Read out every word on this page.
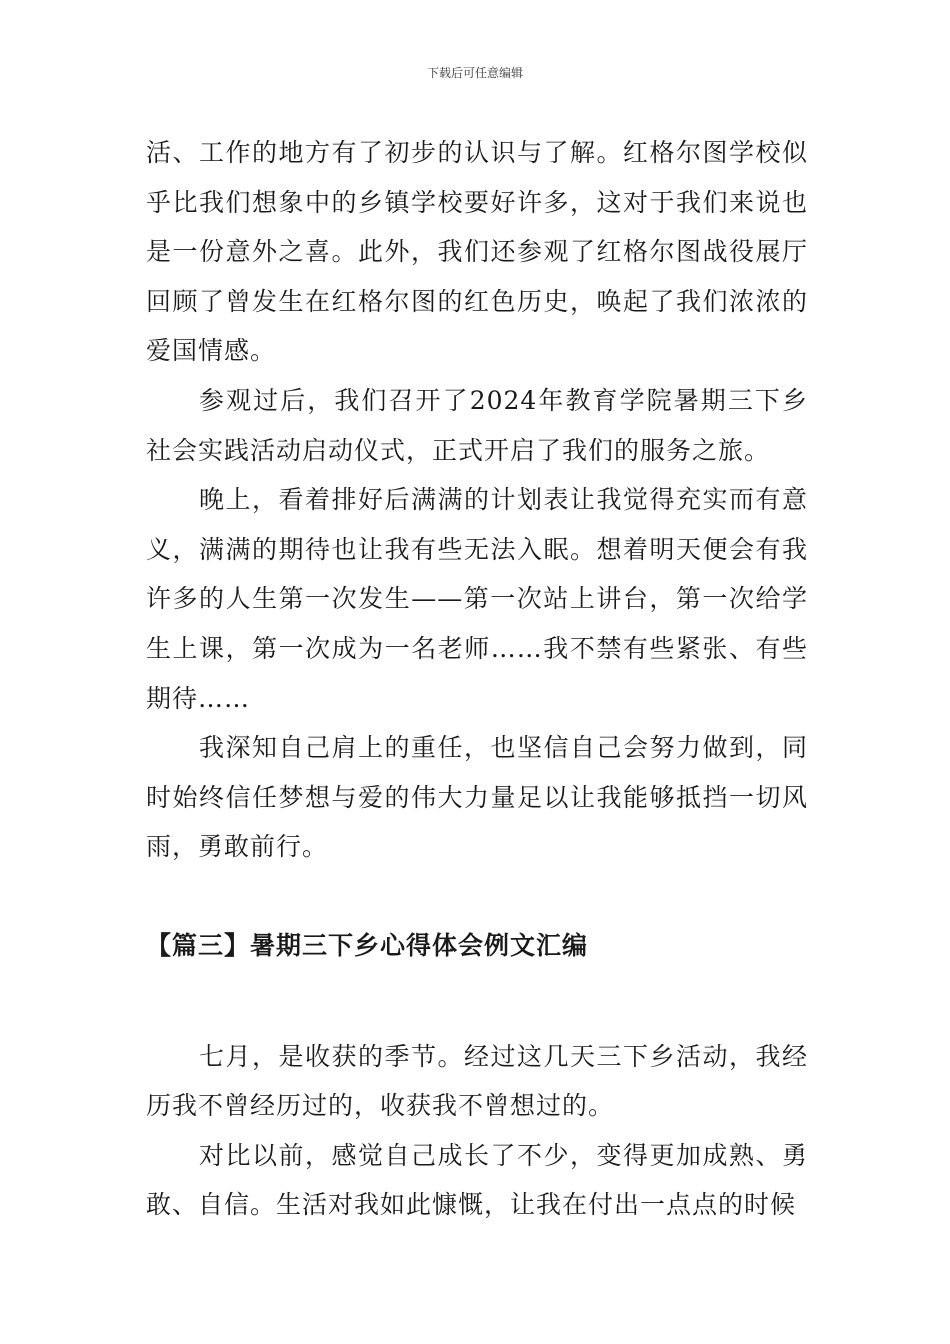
下载后可任意编辑

活、工作的地方有了初步的认识与了解。红格尔图学校似乎比我们想象中的乡镇学校要好许多，这对于我们来说也是一份意外之喜。此外，我们还参观了红格尔图战役展厅回顾了曾发生在红格尔图的红色历史，唤起了我们浓浓的爱国情感。

参观过后，我们召开了2024年教育学院暑期三下乡社会实践活动启动仪式，正式开启了我们的服务之旅。

晚上，看着排好后满满的计划表让我觉得充实而有意义，满满的期待也让我有些无法入眠。想着明天便会有我许多的人生第一次发生——第一次站上讲台，第一次给学生上课，第一次成为一名老师……我不禁有些紧张、有些期待……

我深知自己肩上的重任，也坚信自己会努力做到，同时始终信任梦想与爱的伟大力量足以让我能够抵挡一切风雨，勇敢前行。

【篇三】暑期三下乡心得体会例文汇编

七月，是收获的季节。经过这几天三下乡活动，我经历我不曾经历过的，收获我不曾想过的。

对比以前，感觉自己成长了不少，变得更加成熟、勇敢、自信。生活对我如此慷慨，让我在付出一点点的时候
